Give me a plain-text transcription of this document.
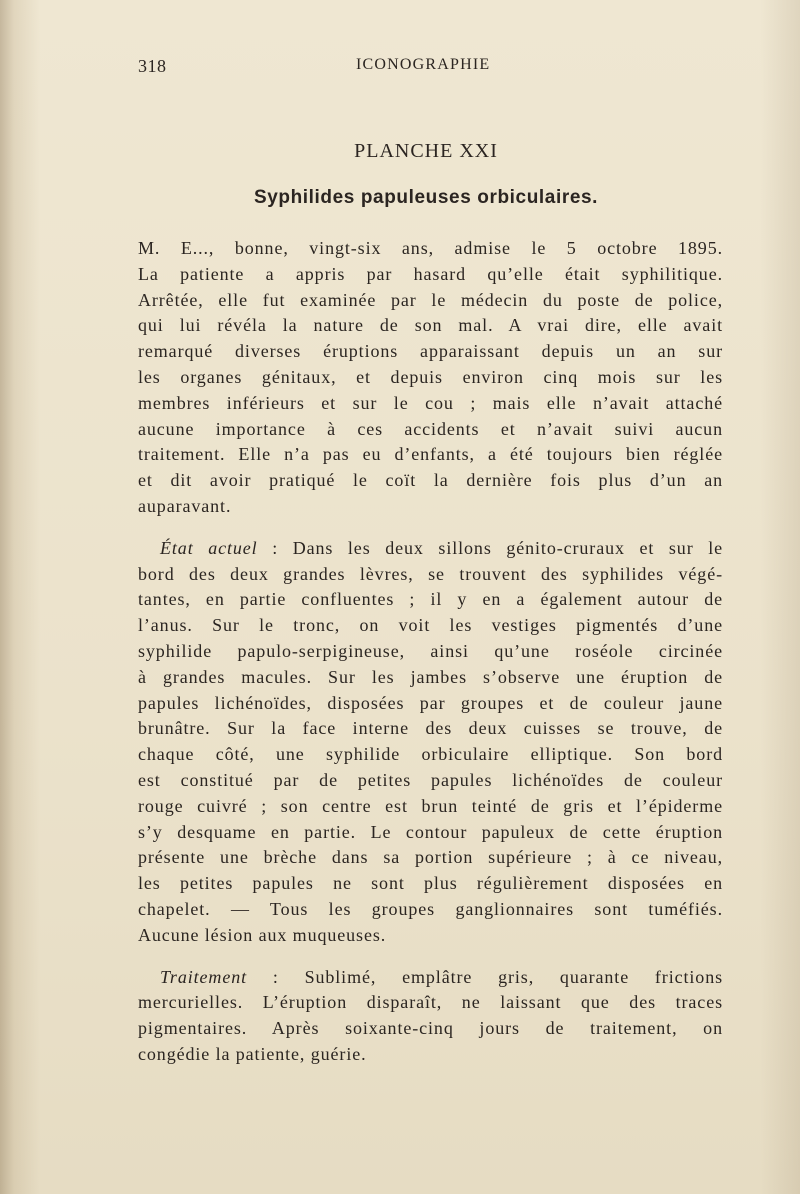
318	ICONOGRAPHIE
PLANCHE XXI
Syphilides papuleuses orbiculaires.
M. E..., bonne, vingt-six ans, admise le 5 octobre 1895.
La patiente a appris par hasard qu’elle était syphilitique.
Arrêtée, elle fut examinée par le médecin du poste de police,
qui lui révéla la nature de son mal. A vrai dire, elle avait
remarqué diverses éruptions apparaissant depuis un an sur
les organes génitaux, et depuis environ cinq mois sur les
membres inférieurs et sur le cou ; mais elle n’avait attaché
aucune importance à ces accidents et n’avait suivi aucun
traitement. Elle n’a pas eu d’enfants, a été toujours bien réglée
et dit avoir pratiqué le coït la dernière fois plus d’un an
auparavant.
État actuel : Dans les deux sillons génito-cruraux et sur le
bord des deux grandes lèvres, se trouvent des syphilides végé-
tantes, en partie confluentes ; il y en a également autour de
l’anus. Sur le tronc, on voit les vestiges pigmentés d’une
syphilide papulo-serpigineuse, ainsi qu’une roséole circinée
à grandes macules. Sur les jambes s’observe une éruption de
papules lichénoïdes, disposées par groupes et de couleur jaune
brunâtre. Sur la face interne des deux cuisses se trouve, de
chaque côté, une syphilide orbiculaire elliptique. Son bord
est constitué par de petites papules lichénoïdes de couleur
rouge cuivré ; son centre est brun teinté de gris et l’épiderme
s’y desquame en partie. Le contour papuleux de cette éruption
présente une brèche dans sa portion supérieure ; à ce niveau,
les petites papules ne sont plus régulièrement disposées en
chapelet. — Tous les groupes ganglionnaires sont tuméfiés.
Aucune lésion aux muqueuses.
Traitement : Sublimé, emplâtre gris, quarante frictions
mercurielles. L’éruption disparaît, ne laissant que des traces
pigmentaires. Après soixante-cinq jours de traitement, on
congédie la patiente, guérie.
